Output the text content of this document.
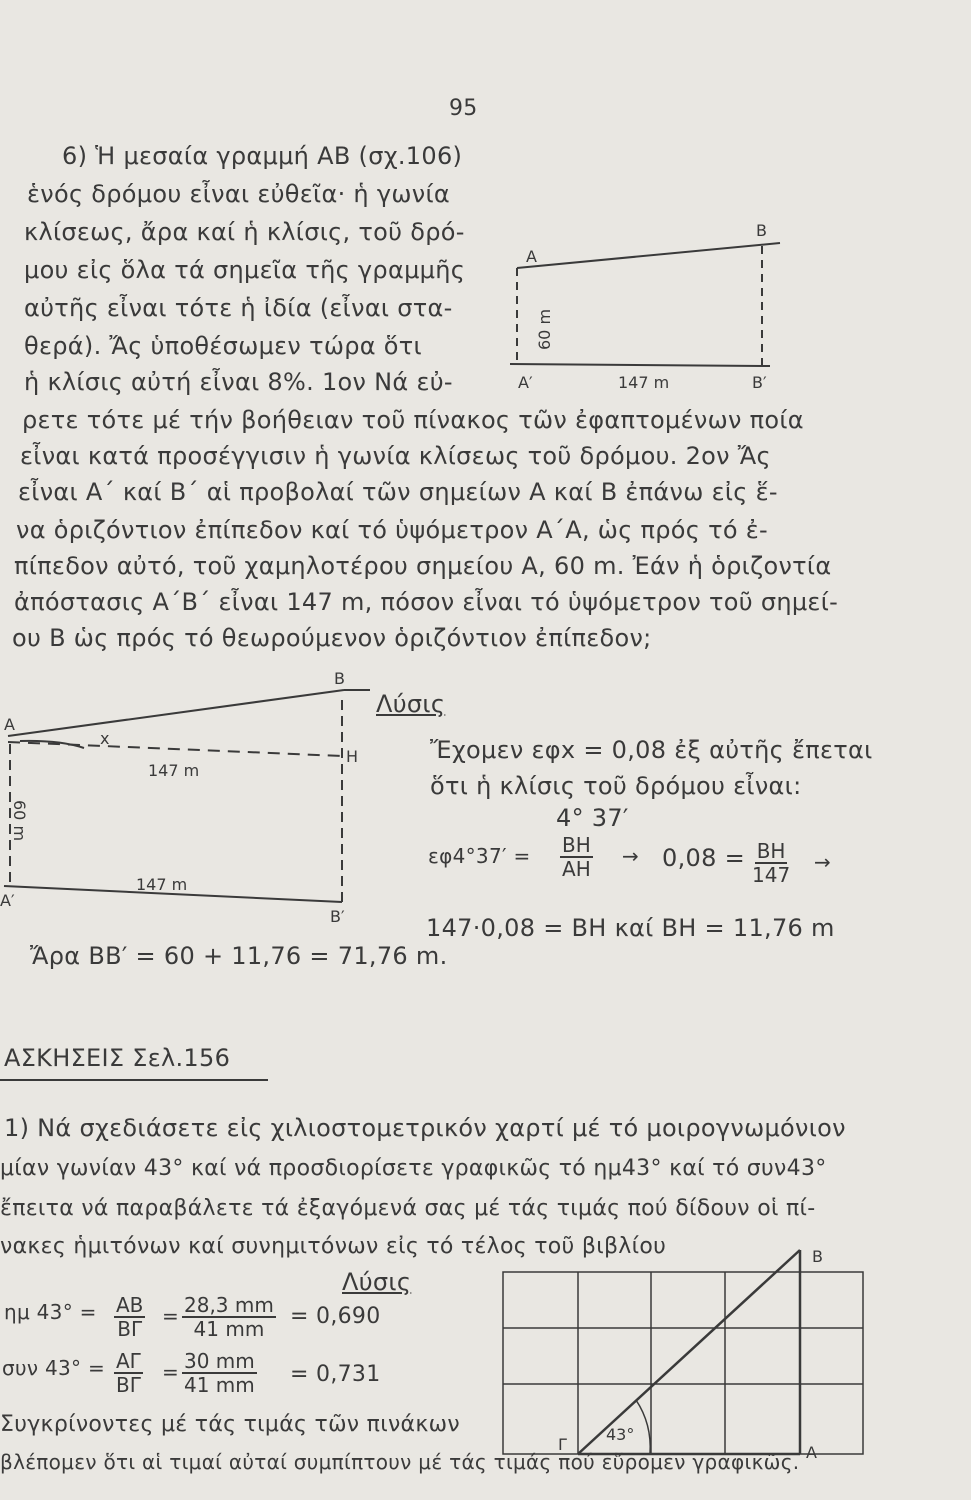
95
6) Ἡ μεσαία γραμμή ΑΒ (σχ.106)
ἑνός δρόμου εἶναι εὐθεῖα· ἡ γωνία
κλίσεως, ἄρα καί ἡ κλίσις, τοῦ δρό-
μου εἰς ὅλα τά σημεῖα τῆς γραμμῆς
αὐτῆς εἶναι τότε ἡ ἰδία (εἶναι στα-
θερά). Ἄς ὑποθέσωμεν τώρα ὅτι
ἡ κλίσις αὐτή εἶναι 8%. 1ον Νά εὐ-
ρετε τότε μέ τήν βοήθειαν τοῦ πίνακος τῶν ἐφαπτομένων ποία
εἶναι κατά προσέγγισιν ἡ γωνία κλίσεως τοῦ δρόμου. 2ον Ἄς
εἶναι Α΄ καί Β΄ αἱ προβολαί τῶν σημείων Α καί Β ἐπάνω εἰς ἕ-
να ὁριζόντιον ἐπίπεδον καί τό ὑψόμετρον Α΄Α, ὡς πρός τό ἐ-
πίπεδον αὐτό, τοῦ χαμηλοτέρου σημείου Α, 60 m. Ἐάν ἡ ὁριζοντία
ἀπόστασις Α΄Β΄ εἶναι 147 m, πόσον εἶναι τό ὑψόμετρον τοῦ σημεί-
ου Β ὡς πρός τό θεωρούμενον ὁριζόντιον ἐπίπεδον;
Λύσις
Ἔχομεν εφx = 0,08 ἐξ αὐτῆς ἔπεται
ὅτι ἡ κλίσις τοῦ δρόμου εἶναι:
4° 37′
$\varepsilon\varphi 4^\circ 37' = \frac{BH}{AH} \to 0,08 = \frac{BH}{147}$ →
147·0,08 = BH καί BH = 11,76 m
Ἄρα BB′ = 60 + 11,76 = 71,76 m.
ΑΣΚΗΣΕΙΣ Σελ.156
1) Νά σχεδιάσετε εἰς χιλιοστομετρικόν χαρτί μέ τό μοιρογνωμόνιον
μίαν γωνίαν 43° καί νά προσδιορίσετε γραφικῶς τό ημ43° καί τό συν43°
ἔπειτα νά παραβάλετε τά ἐξαγόμενά σας μέ τάς τιμάς πού δίδουν οἱ πί-
νακες ἡμιτόνων καί συνημιτόνων εἰς τό τέλος τοῦ βιβλίου
Λύσις
ημ $43^\circ = \frac{AB}{B\Gamma} = \frac{28,3 mm}{41 mm} = 0,690$
συν $43^\circ = \frac{A\Gamma}{B\Gamma} = \frac{30 mm}{41 mm} = 0,731$
Συγκρίνοντες μέ τάς τιμάς τῶν πινάκων
βλέπομεν ὅτι αἱ τιμαί αὐταί συμπίπτουν μέ τάς τιμάς πού εὕρομεν γραφικῶς.
A
B
A′	B′
60 m
147 m
A
B
H
x
147 m
147 m
60 m
A′
B′
B
A
Γ
43°
